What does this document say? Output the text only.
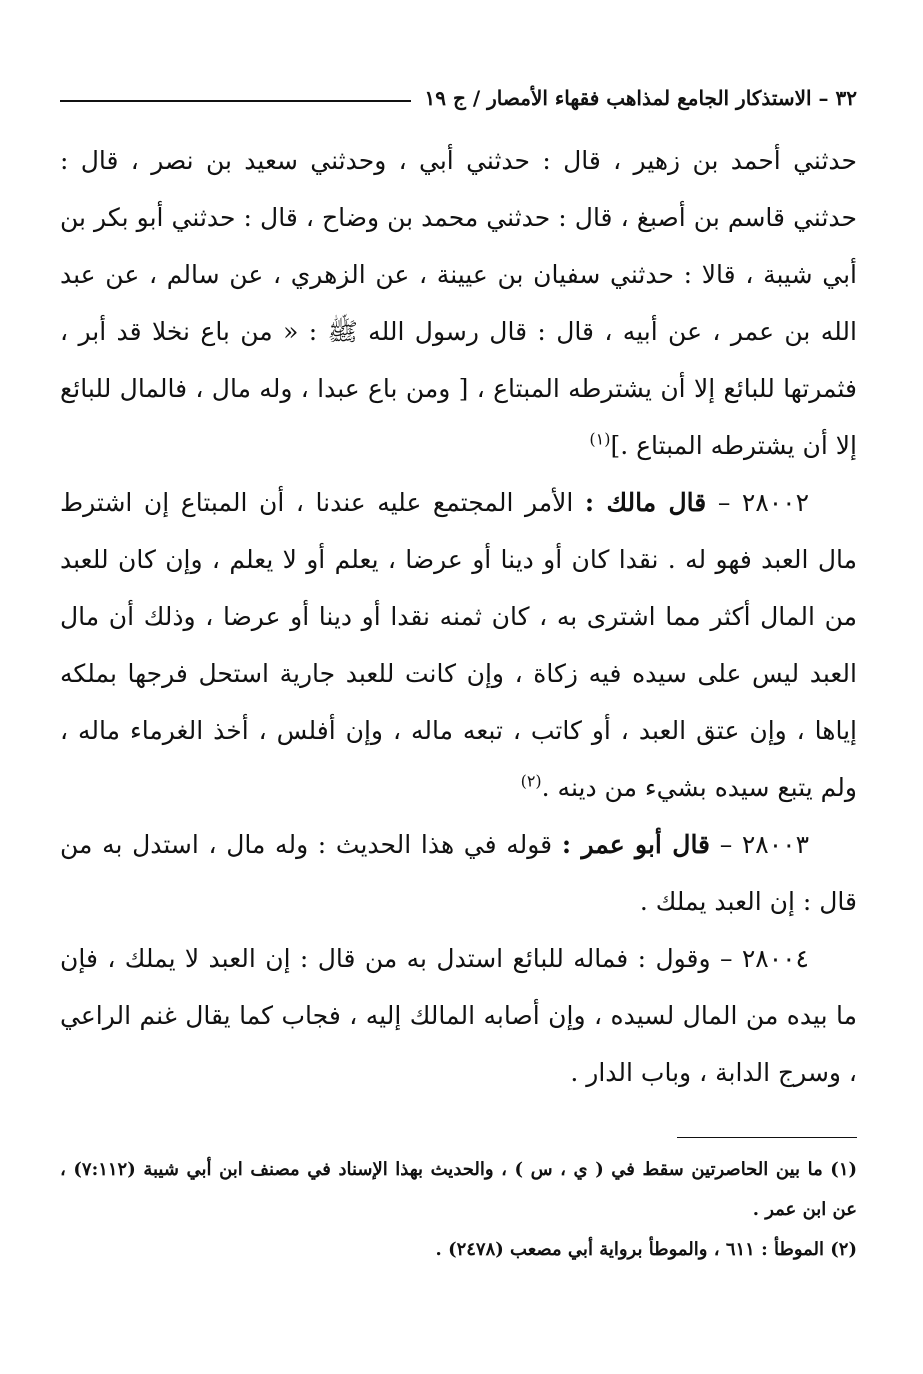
٣٢ – الاستذكار الجامع لمذاهب فقهاء الأمصار / ج ١٩

حدثني أحمد بن زهير ، قال : حدثني أبي ، وحدثني سعيد بن نصر ، قال : حدثني قاسم بن أصبغ ، قال : حدثني محمد بن وضاح ، قال : حدثني أبو بكر بن أبي شيبة ، قالا : حدثني سفيان بن عيينة ، عن الزهري ، عن سالم ، عن عبد الله بن عمر ، عن أبيه ، قال : قال رسول الله ﷺ : « من باع نخلا قد أبر ، فثمرتها للبائع إلا أن يشترطه المبتاع ، [ ومن باع عبدا ، وله مال ، فالمال للبائع إلا أن يشترطه المبتاع .]$^{(١)}$

٢٨٠٠٢ – قال مالك : الأمر المجتمع عليه عندنا ، أن المبتاع إن اشترط مال العبد فهو له . نقدا كان أو دينا أو عرضا ، يعلم أو لا يعلم ، وإن كان للعبد من المال أكثر مما اشترى به ، كان ثمنه نقدا أو دينا أو عرضا ، وذلك أن مال العبد ليس على سيده فيه زكاة ، وإن كانت للعبد جارية استحل فرجها بملكه إياها ، وإن عتق العبد ، أو كاتب ، تبعه ماله ، وإن أفلس ، أخذ الغرماء ماله ، ولم يتبع سيده بشيء من دينه .$^{(٢)}$

٢٨٠٠٣ – قال أبو عمر : قوله في هذا الحديث : وله مال ، استدل به من قال : إن العبد يملك .

٢٨٠٠٤ – وقول : فماله للبائع استدل به من قال : إن العبد لا يملك ، فإن ما بيده من المال لسيده ، وإن أصابه المالك إليه ، فجاب كما يقال غنم الراعي ، وسرج الدابة ، وباب الدار .

(١) ما بين الحاصرتين سقط في ( ي ، س ) ، والحديث بهذا الإسناد في مصنف ابن أبي شيبة (٧:١١٢) ، عن ابن عمر .

(٢) الموطأ : ٦١١ ، والموطأ برواية أبي مصعب (٢٤٧٨) .
